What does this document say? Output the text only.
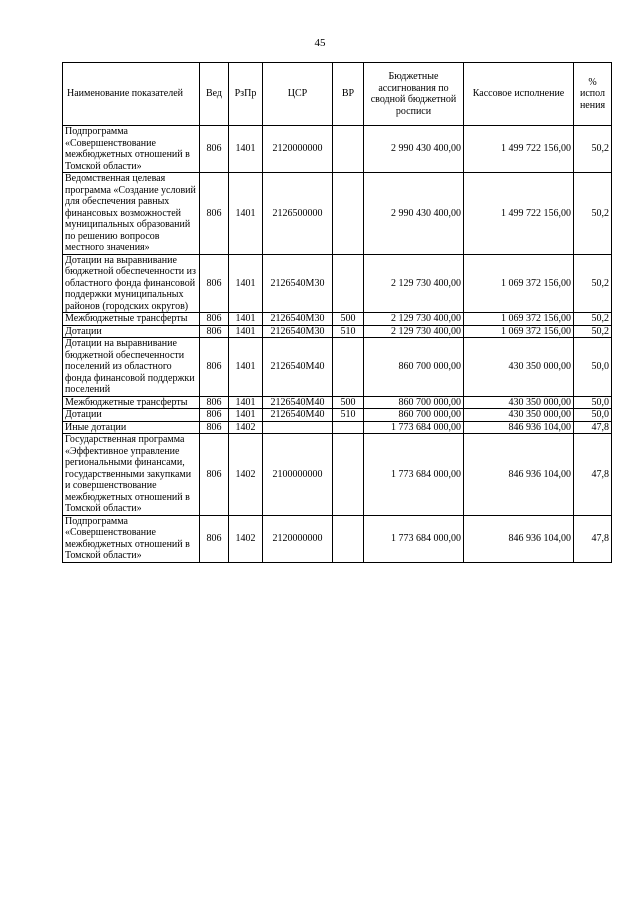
45
Наименование показателей	Вед	РзПр	ЦСР	ВР	Бюджетные ассигнования по сводной бюджетной росписи	Кассовое исполнение	% испол нения
Подпрограмма «Совершенствование межбюджетных отношений в Томской области»	806	1401	2120000000		2 990 430 400,00	1 499 722 156,00	50,2
Ведомственная целевая программа «Создание условий для обеспечения равных финансовых возможностей муниципальных образований по решению вопросов местного значения»	806	1401	2126500000		2 990 430 400,00	1 499 722 156,00	50,2
Дотации на выравнивание бюджетной обеспеченности из областного фонда финансовой поддержки муниципальных районов (городских округов)	806	1401	2126540М30		2 129 730 400,00	1 069 372 156,00	50,2
Межбюджетные трансферты	806	1401	2126540М30	500	2 129 730 400,00	1 069 372 156,00	50,2
Дотации	806	1401	2126540М30	510	2 129 730 400,00	1 069 372 156,00	50,2
Дотации на выравнивание бюджетной обеспеченности поселений из областного фонда финансовой поддержки поселений	806	1401	2126540М40		860 700 000,00	430 350 000,00	50,0
Межбюджетные трансферты	806	1401	2126540М40	500	860 700 000,00	430 350 000,00	50,0
Дотации	806	1401	2126540М40	510	860 700 000,00	430 350 000,00	50,0
Иные дотации	806	1402			1 773 684 000,00	846 936 104,00	47,8
Государственная программа «Эффективное управление региональными финансами, государственными закупками и совершенствование межбюджетных отношений в Томской области»	806	1402	2100000000		1 773 684 000,00	846 936 104,00	47,8
Подпрограмма «Совершенствование межбюджетных отношений в Томской области»	806	1402	2120000000		1 773 684 000,00	846 936 104,00	47,8
